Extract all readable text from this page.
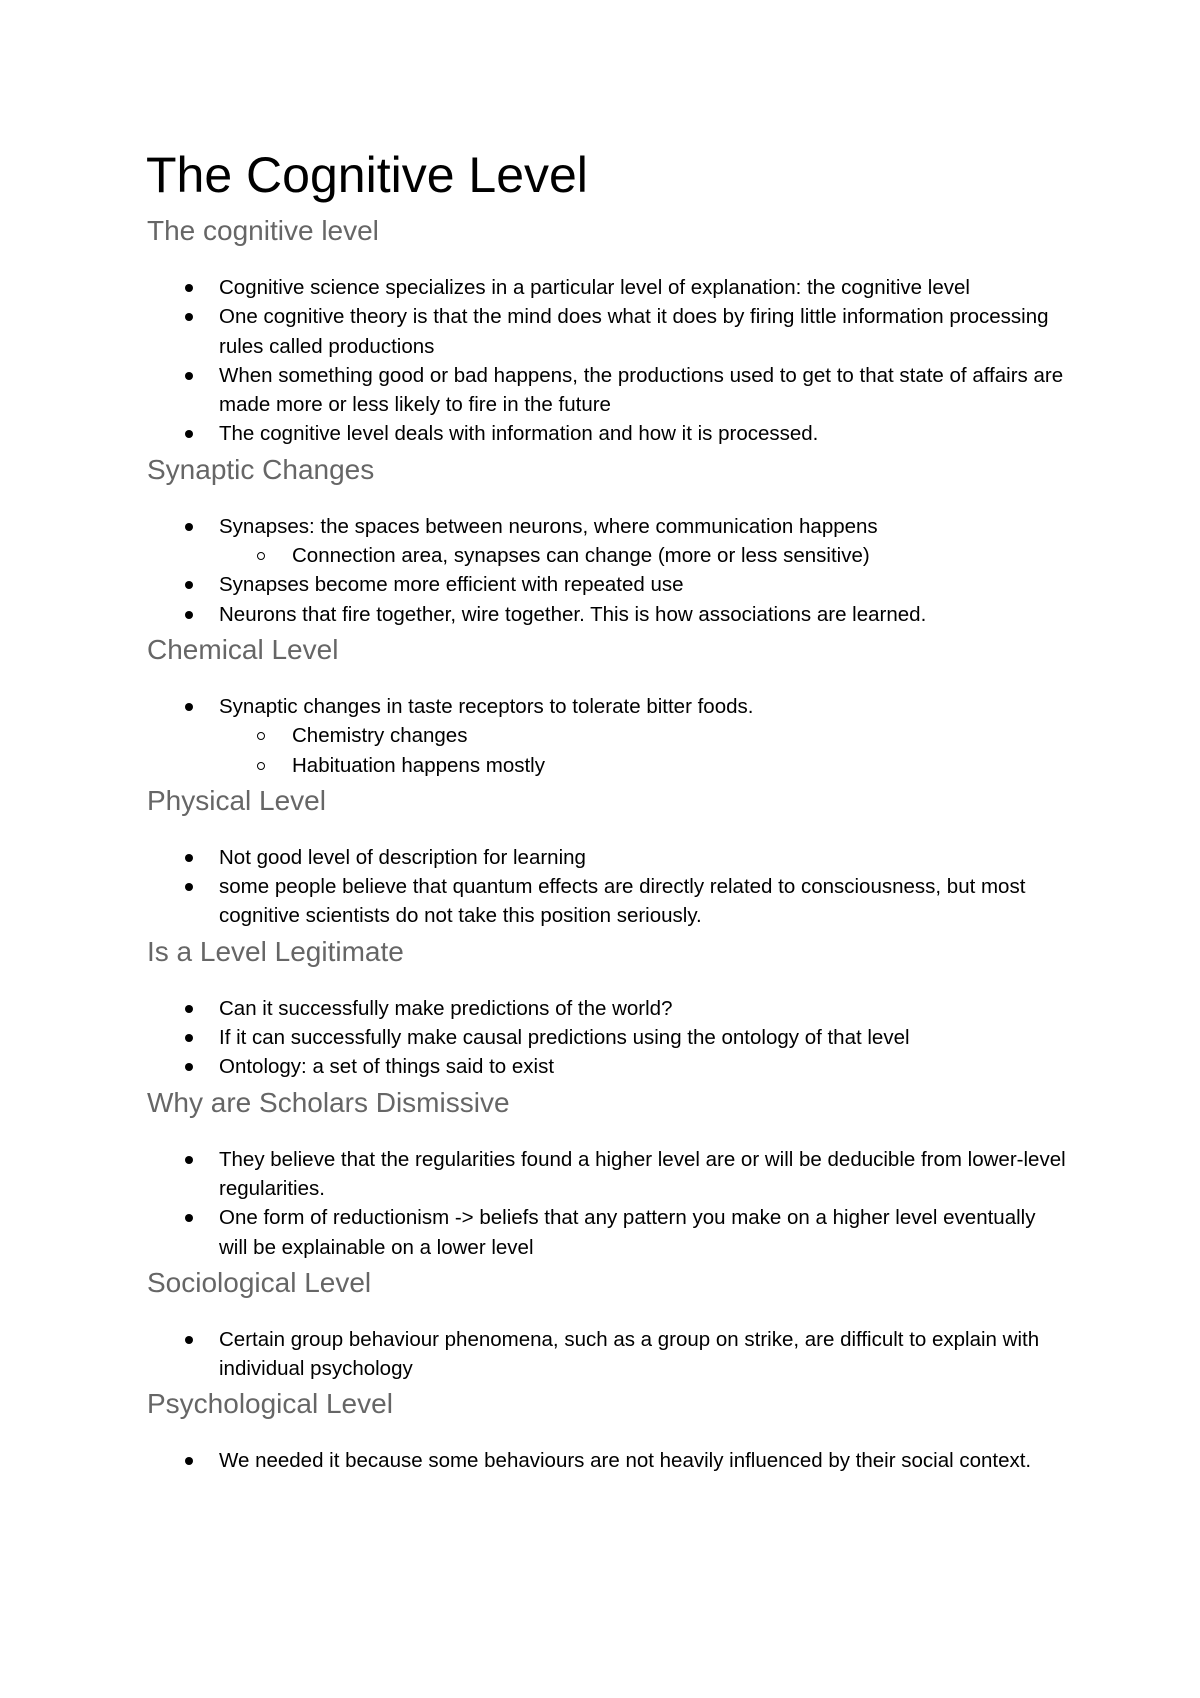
The Cognitive Level
The cognitive level
Cognitive science specializes in a particular level of explanation: the cognitive level
One cognitive theory is that the mind does what it does by firing little information processing rules called productions
When something good or bad happens, the productions used to get to that state of affairs are made more or less likely to fire in the future
The cognitive level deals with information and how it is processed.
Synaptic Changes
Synapses: the spaces between neurons, where communication happens
Connection area, synapses can change (more or less sensitive)
Synapses become more efficient with repeated use
Neurons that fire together, wire together. This is how associations are learned.
Chemical Level
Synaptic changes in taste receptors to tolerate bitter foods.
Chemistry changes
Habituation happens mostly
Physical Level
Not good level of description for learning
some people believe that quantum effects are directly related to consciousness, but most cognitive scientists do not take this position seriously.
Is a Level Legitimate
Can it successfully make predictions of the world?
If it can successfully make causal predictions using the ontology of that level
Ontology: a set of things said to exist
Why are Scholars Dismissive
They believe that the regularities found a higher level are or will be deducible from lower-level regularities.
One form of reductionism -> beliefs that any pattern you make on a higher level eventually will be explainable on a lower level
Sociological Level
Certain group behaviour phenomena, such as a group on strike, are difficult to explain with individual psychology
Psychological Level
We needed it because some behaviours are not heavily influenced by their social context.
